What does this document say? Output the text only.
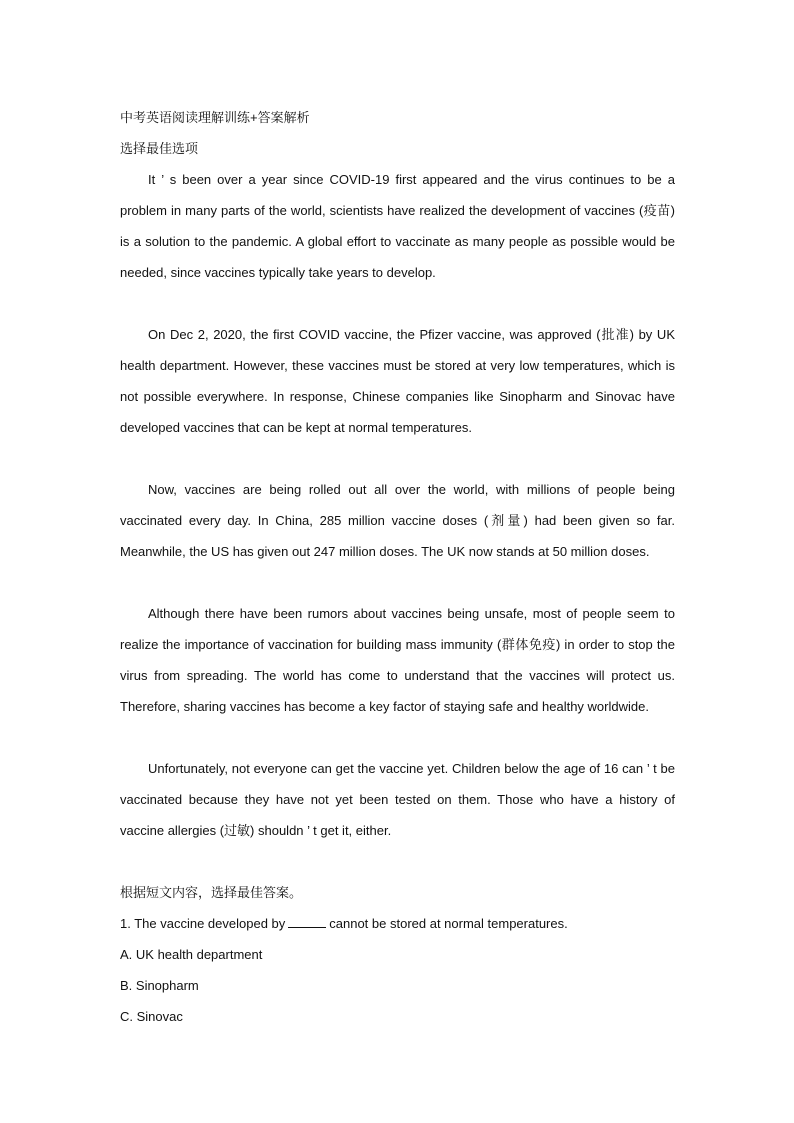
中考英语阅读理解训练+答案解析

选择最佳选项

It ’ s been over a year since COVID-19 first appeared and the virus continues to be a problem in many parts of the world, scientists have realized the development of vaccines (疫苗) is a solution to the pandemic. A global effort to vaccinate as many people as possible would be needed, since vaccines typically take years to develop.

On Dec 2, 2020, the first COVID vaccine, the Pfizer vaccine, was approved (批准) by UK health department. However, these vaccines must be stored at very low temperatures, which is not possible everywhere. In response, Chinese companies like Sinopharm and Sinovac have developed vaccines that can be kept at normal temperatures.

Now, vaccines are being rolled out all over the world, with millions of people being vaccinated every day. In China, 285 million vaccine doses (剂量) had been given so far. Meanwhile, the US has given out 247 million doses. The UK now stands at 50 million doses.

Although there have been rumors about vaccines being unsafe, most of people seem to realize the importance of vaccination for building mass immunity (群体免疫) in order to stop the virus from spreading. The world has come to understand that the vaccines will protect us. Therefore, sharing vaccines has become a key factor of staying safe and healthy worldwide.

Unfortunately, not everyone can get the vaccine yet. Children below the age of 16 can ’ t be vaccinated because they have not yet been tested on them. Those who have a history of vaccine allergies (过敏) shouldn ’ t get it, either.

根据短文内容，选择最佳答案。

1. The vaccine developed by	cannot be stored at normal temperatures.

A. UK health department

B. Sinopharm

C. Sinovac
